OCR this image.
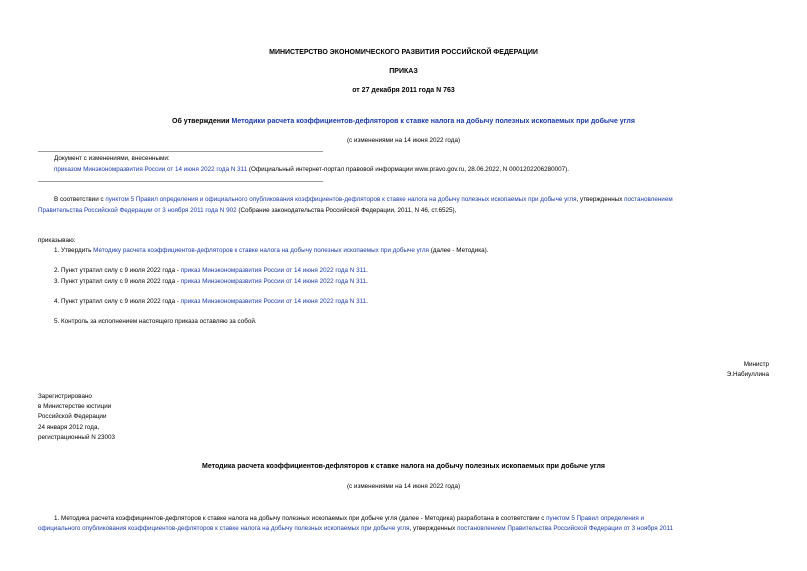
МИНИСТЕРСТВО ЭКОНОМИЧЕСКОГО РАЗВИТИЯ РОССИЙСКОЙ ФЕДЕРАЦИИ
ПРИКАЗ
от 27 декабря 2011 года N 763
Об утверждении Методики расчета коэффициентов-дефляторов к ставке налога на добычу полезных ископаемых при добыче угля
(с изменениями на 14 июня 2022 года)
Документ с изменениями, внесенными:
приказом Минэкономразвития России от 14 июня 2022 года N 311 (Официальный интернет-портал правовой информации www.pravo.gov.ru, 28.06.2022, N 0001202206280007).
В соответствии с пунктом 5 Правил определения и официального опубликования коэффициентов-дефляторов к ставке налога на добычу полезных ископаемых при добыче угля, утвержденных постановлением
Правительства Российской Федерации от 3 ноября 2011 года N 902 (Собрание законодательства Российской Федерации, 2011, N 46, ст.6525),
приказываю:
1. Утвердить Методику расчета коэффициентов-дефляторов к ставке налога на добычу полезных ископаемых при добыче угля (далее - Методика).
2. Пункт утратил силу с 9 июля 2022 года - приказ Минэкономразвития России от 14 июня 2022 года N 311.
3. Пункт утратил силу с 9 июля 2022 года - приказ Минэкономразвития России от 14 июня 2022 года N 311.
4. Пункт утратил силу с 9 июля 2022 года - приказ Минэкономразвития России от 14 июня 2022 года N 311.
5. Контроль за исполнением настоящего приказа оставляю за собой.
Министр
Э.Набиуллина
Зарегистрировано
в Министерстве юстиции
Российской Федерации
24 января 2012 года,
регистрационный N 23003
Методика расчета коэффициентов-дефляторов к ставке налога на добычу полезных ископаемых при добыче угля
(с изменениями на 14 июня 2022 года)
1. Методика расчета коэффициентов-дефляторов к ставке налога на добычу полезных ископаемых при добыче угля (далее - Методика) разработана в соответствии с пунктом 5 Правил определения и
официального опубликования коэффициентов-дефляторов к ставке налога на добычу полезных ископаемых при добыче угля, утвержденных постановлением Правительства Российской Федерации от 3 ноября 2011
